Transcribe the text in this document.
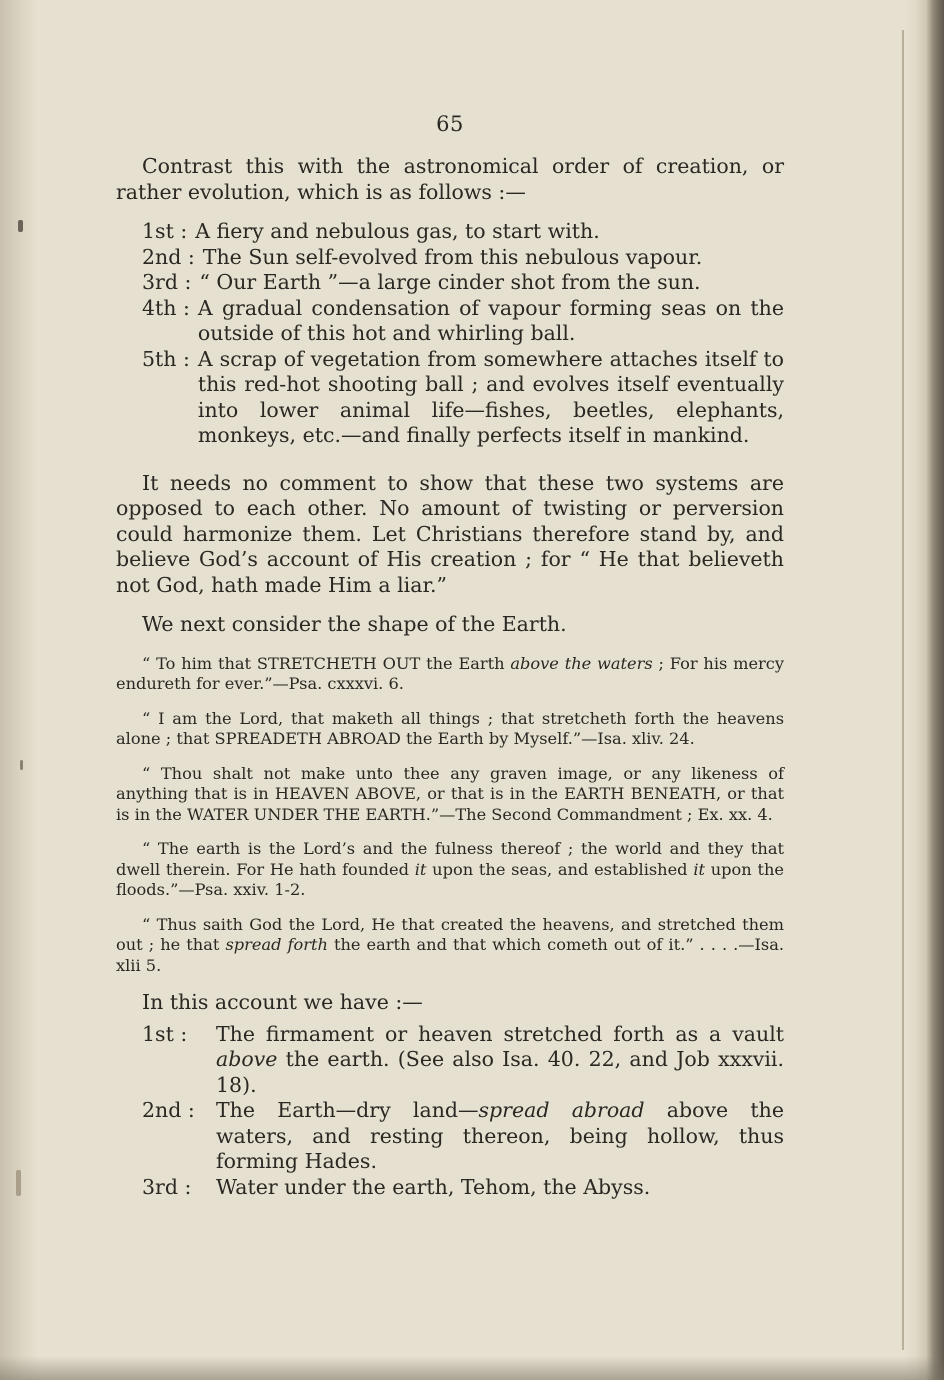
65

Contrast this with the astronomical order of creation, or rather evolution, which is as follows :—

1st : A fiery and nebulous gas, to start with.
2nd : The Sun self-evolved from this nebulous vapour.
3rd : “ Our Earth ”—a large cinder shot from the sun.
4th : A gradual condensation of vapour forming seas on the outside of this hot and whirling ball.
5th : A scrap of vegetation from somewhere attaches itself to this red-hot shooting ball ; and evolves itself eventually into lower animal life—fishes, beetles, elephants, monkeys, etc.—and finally perfects itself in mankind.

It needs no comment to show that these two systems are opposed to each other. No amount of twisting or perversion could harmonize them. Let Christians therefore stand by, and believe God’s account of His creation ; for “ He that believeth not God, hath made Him a liar.”

We next consider the shape of the Earth.

“ To him that STRETCHETH OUT the Earth above the waters ; For his mercy endureth for ever.”—Psa. cxxxvi. 6.

“ I am the Lord, that maketh all things ; that stretcheth forth the heavens alone ; that SPREADETH ABROAD the Earth by Myself.”—Isa. xliv. 24.

“ Thou shalt not make unto thee any graven image, or any likeness of anything that is in HEAVEN ABOVE, or that is in the EARTH BENEATH, or that is in the WATER UNDER THE EARTH.”—The Second Commandment ; Ex. xx. 4.

“ The earth is the Lord’s and the fulness thereof ; the world and they that dwell therein. For He hath founded it upon the seas, and established it upon the floods.”—Psa. xxiv. 1-2.

“ Thus saith God the Lord, He that created the heavens, and stretched them out ; he that spread forth the earth and that which cometh out of it.” . . . .—Isa. xlii 5.

In this account we have :—

1st :	The firmament or heaven stretched forth as a vault above the earth. (See also Isa. 40. 22, and Job xxxvii. 18).
2nd :	The Earth—dry land—spread abroad above the waters, and resting thereon, being hollow, thus forming Hades.
3rd :	Water under the earth, Tehom, the Abyss.
